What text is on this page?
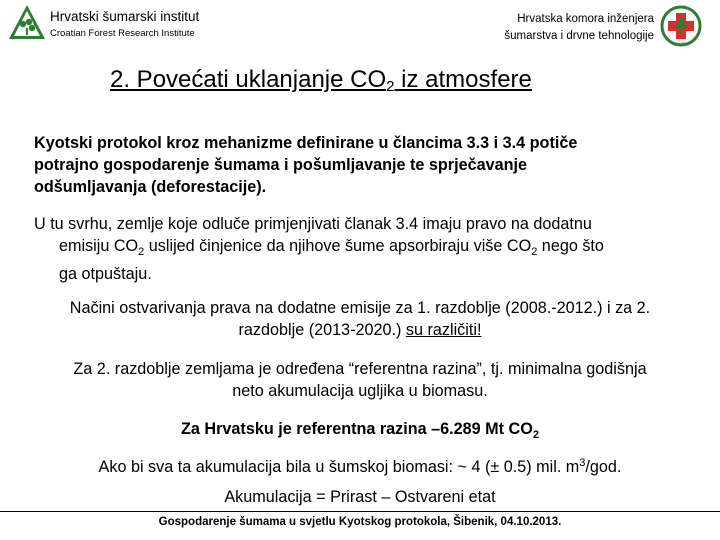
Hrvatski šumarski institut
Croatian Forest Research Institute
Hrvatska komora inženjera
šumarstva i drvne tehnologije
HKIŠDT
2. Povećati uklanjanje $CO_2$ iz atmosfere
Kyotski protokol kroz mehanizme definirane u člancima 3.3 i 3.4 potiče
potrajno gospodarenje šumama i pošumljavanje te sprječavanje
odšumljavanja (deforestacije).
U tu svrhu, zemlje koje odluče primjenjivati članak 3.4 imaju pravo na dodatnu
emisiju $CO_2$ uslijed činjenice da njihove šume apsorbiraju više $CO_2$ nego što
ga otpuštaju.
Načini ostvarivanja prava na dodatne emisije za 1. razdoblje (2008.-2012.) i za 2.
razdoblje (2013-2020.) su različiti!
Za 2. razdoblje zemljama je određena “referentna razina”, tj. minimalna godišnja
neto akumulacija ugljika u biomasu.
Za Hrvatsku je referentna razina –6.289 Mt $CO_2$
Ako bi sva ta akumulacija bila u šumskoj biomasi: ~ 4 (± 0.5) mil. $m^3$/god.
Akumulacija = Prirast – Ostvareni etat
Gospodarenje šumama u svjetlu Kyotskog protokola, Šibenik, 04.10.2013.
